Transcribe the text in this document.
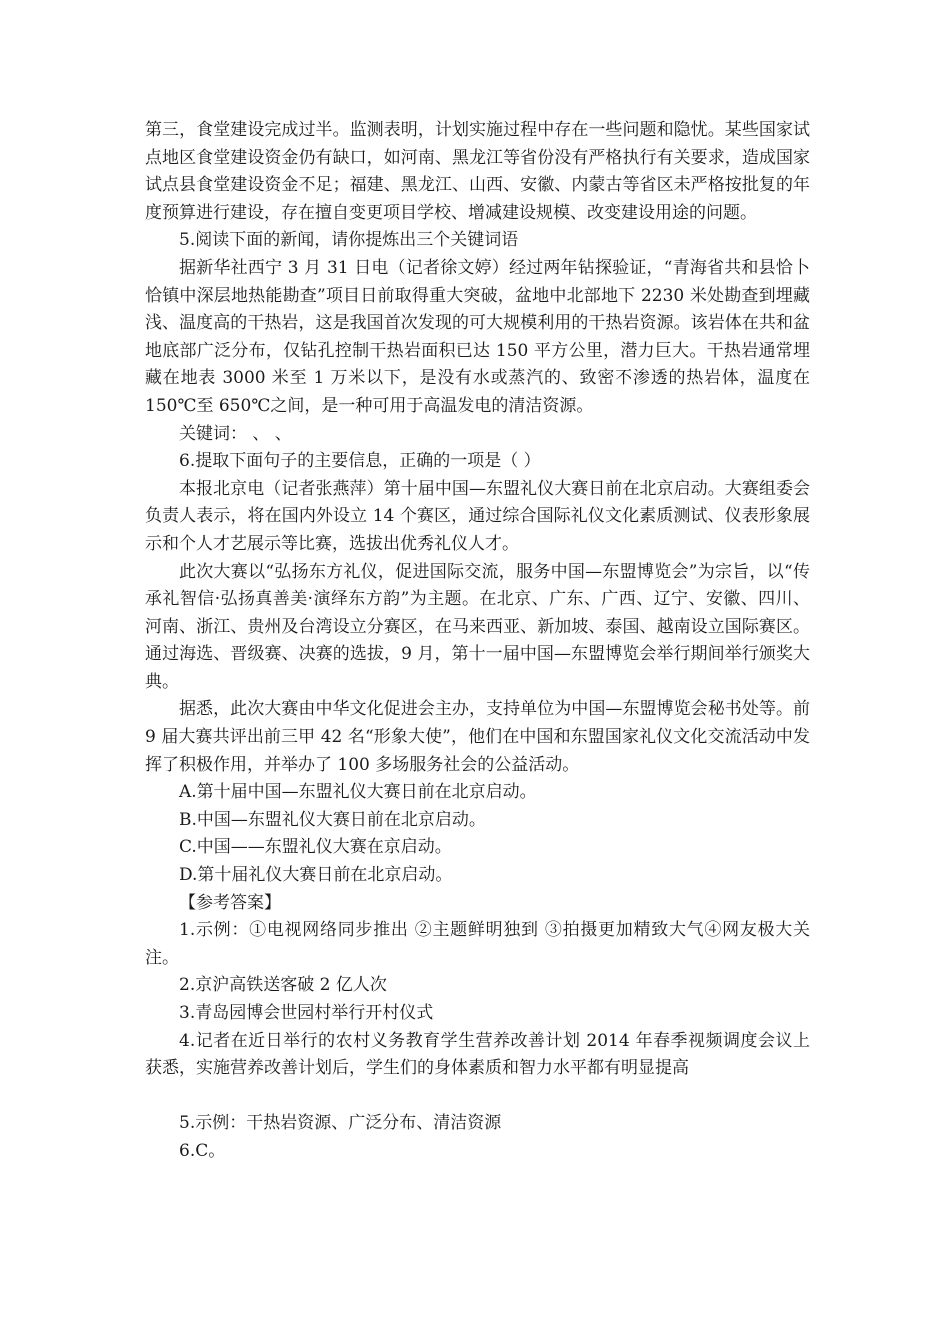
第三，食堂建设完成过半。监测表明，计划实施过程中存在一些问题和隐忧。某些国家试点地区食堂建设资金仍有缺口，如河南、黑龙江等省份没有严格执行有关要求，造成国家试点县食堂建设资金不足；福建、黑龙江、山西、安徽、内蒙古等省区未严格按批复的年度预算进行建设，存在擅自变更项目学校、增减建设规模、改变建设用途的问题。

5.阅读下面的新闻，请你提炼出三个关键词语

据新华社西宁 3 月 31 日电（记者徐文婷）经过两年钻探验证，“青海省共和县恰卜恰镇中深层地热能勘查”项目日前取得重大突破，盆地中北部地下 2230 米处勘查到埋藏浅、温度高的干热岩，这是我国首次发现的可大规模利用的干热岩资源。该岩体在共和盆地底部广泛分布，仅钻孔控制干热岩面积已达 150 平方公里，潜力巨大。干热岩通常埋藏在地表 3000 米至 1 万米以下，是没有水或蒸汽的、致密不渗透的热岩体，温度在 150℃至 650℃之间，是一种可用于高温发电的清洁资源。

关键词： 、 、

6.提取下面句子的主要信息，正确的一项是（ ）

本报北京电（记者张燕萍）第十届中国—东盟礼仪大赛日前在北京启动。大赛组委会负责人表示，将在国内外设立 14 个赛区，通过综合国际礼仪文化素质测试、仪表形象展示和个人才艺展示等比赛，选拔出优秀礼仪人才。

此次大赛以“弘扬东方礼仪，促进国际交流，服务中国—东盟博览会”为宗旨，以“传承礼智信·弘扬真善美·演绎东方韵”为主题。在北京、广东、广西、辽宁、安徽、四川、河南、浙江、贵州及台湾设立分赛区，在马来西亚、新加坡、泰国、越南设立国际赛区。通过海选、晋级赛、决赛的选拔，9 月，第十一届中国—东盟博览会举行期间举行颁奖大典。

据悉，此次大赛由中华文化促进会主办，支持单位为中国—东盟博览会秘书处等。前 9 届大赛共评出前三甲 42 名“形象大使”，他们在中国和东盟国家礼仪文化交流活动中发挥了积极作用，并举办了 100 多场服务社会的公益活动。

A.第十届中国—东盟礼仪大赛日前在北京启动。

B.中国—东盟礼仪大赛日前在北京启动。

C.中国——东盟礼仪大赛在京启动。

D.第十届礼仪大赛日前在北京启动。

【参考答案】

1.示例：①电视网络同步推出 ②主题鲜明独到 ③拍摄更加精致大气④网友极大关注。

2.京沪高铁送客破 2 亿人次

3.青岛园博会世园村举行开村仪式

4.记者在近日举行的农村义务教育学生营养改善计划 2014 年春季视频调度会议上获悉，实施营养改善计划后，学生们的身体素质和智力水平都有明显提高

5.示例：干热岩资源、广泛分布、清洁资源

6.C。
